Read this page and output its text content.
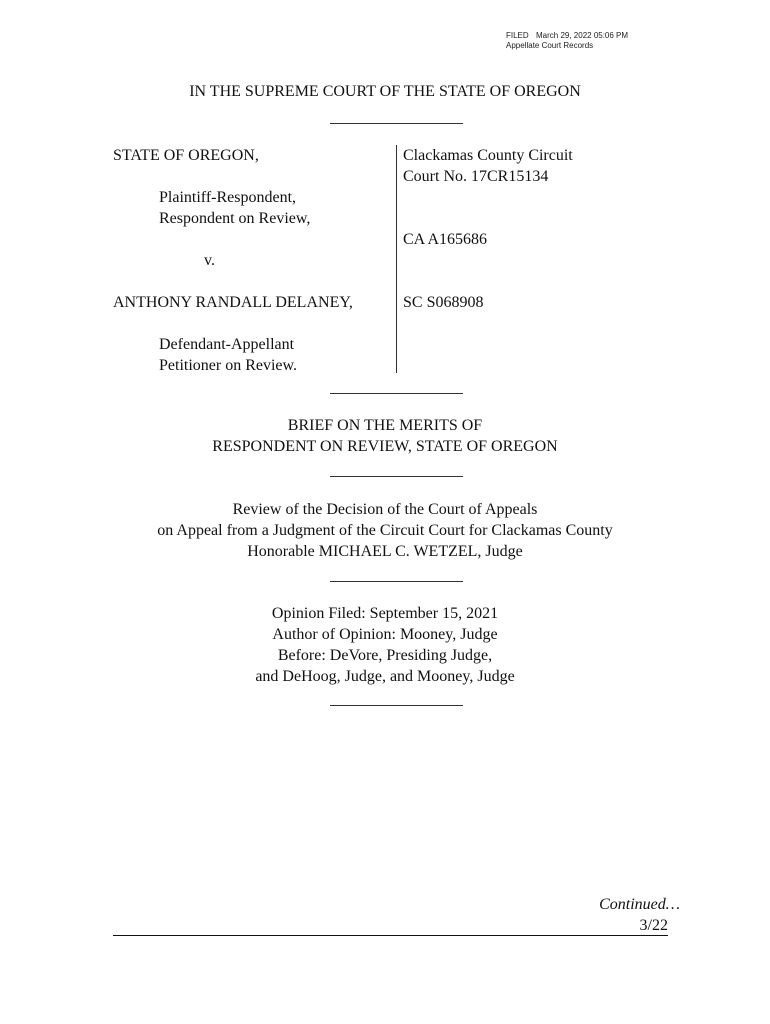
FILED March 29, 2022 05:06 PM
Appellate Court Records
IN THE SUPREME COURT OF THE STATE OF OREGON
STATE OF OREGON,
Plaintiff-Respondent,
Respondent on Review,
v.
ANTHONY RANDALL DELANEY,
Defendant-Appellant
Petitioner on Review.
Clackamas County Circuit
Court No. 17CR15134
CA A165686
SC S068908
BRIEF ON THE MERITS OF
RESPONDENT ON REVIEW, STATE OF OREGON
Review of the Decision of the Court of Appeals
on Appeal from a Judgment of the Circuit Court for Clackamas County
Honorable MICHAEL C. WETZEL, Judge
Opinion Filed: September 15, 2021
Author of Opinion: Mooney, Judge
Before: DeVore, Presiding Judge,
and DeHoog, Judge, and Mooney, Judge
Continued…
3/22
